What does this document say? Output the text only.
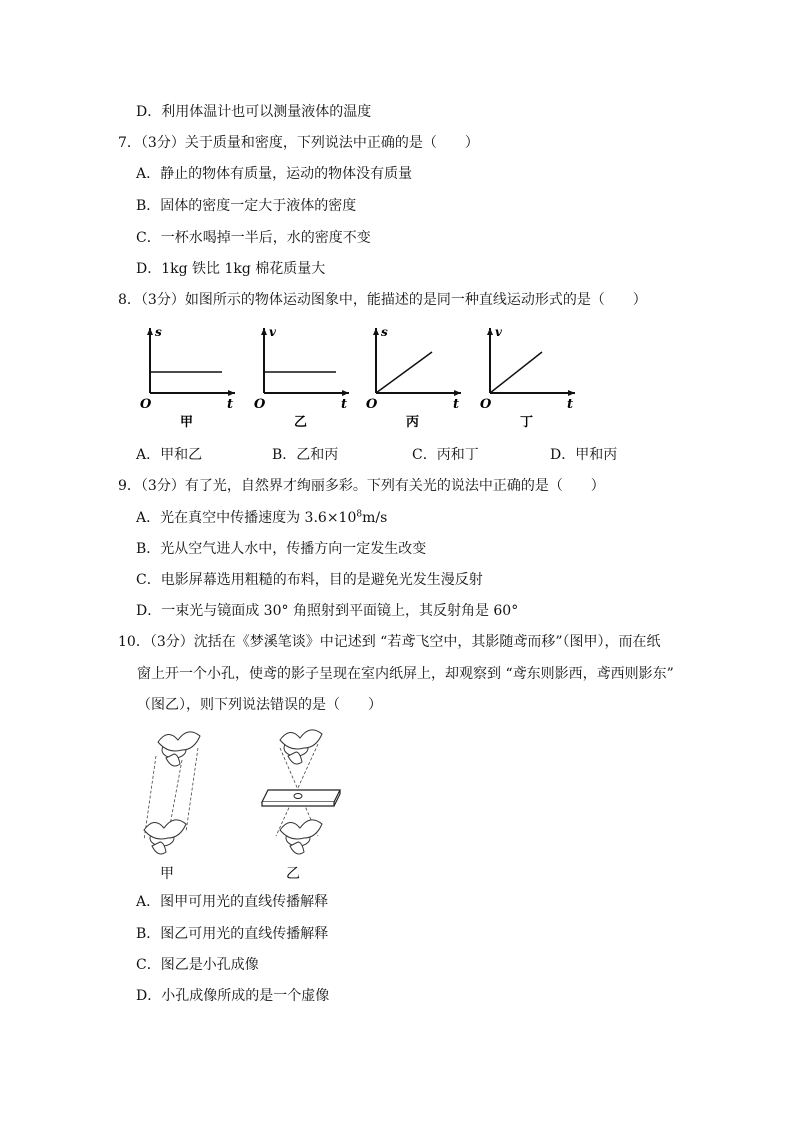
D．利用体温计也可以测量液体的温度
7．（3分）关于质量和密度，下列说法中正确的是（　　）
A．静止的物体有质量，运动的物体没有质量
B．固体的密度一定大于液体的密度
C．一杯水喝掉一半后，水的密度不变
D．1kg 铁比 1kg 棉花质量大
8．（3分）如图所示的物体运动图象中，能描述的是同一种直线运动形式的是（　　）
s
O	t
甲
v
O	t
乙
s
O	t
丙
v
O	t
丁
A．甲和乙	B．乙和丙	C．丙和丁	D．甲和丙
9．（3分）有了光，自然界才绚丽多彩。下列有关光的说法中正确的是（　　）
A．光在真空中传播速度为 $3.6\times 10^8m/s$
B．光从空气进人水中，传播方向一定发生改变
C．电影屏幕选用粗糙的布料，目的是避免光发生漫反射
D．一束光与镜面成 30° 角照射到平面镜上，其反射角是 60°
10．（3分）沈括在《梦溪笔谈》中记述到 “若鸢飞空中，其影随鸢而移”（图甲），而在纸
窗上开一个小孔，使鸢的影子呈现在室内纸屏上，却观察到 “鸢东则影西，鸢西则影东”
（图乙），则下列说法错误的是（　　）
甲	乙
A．图甲可用光的直线传播解释
B．图乙可用光的直线传播解释
C．图乙是小孔成像
D．小孔成像所成的是一个虚像
